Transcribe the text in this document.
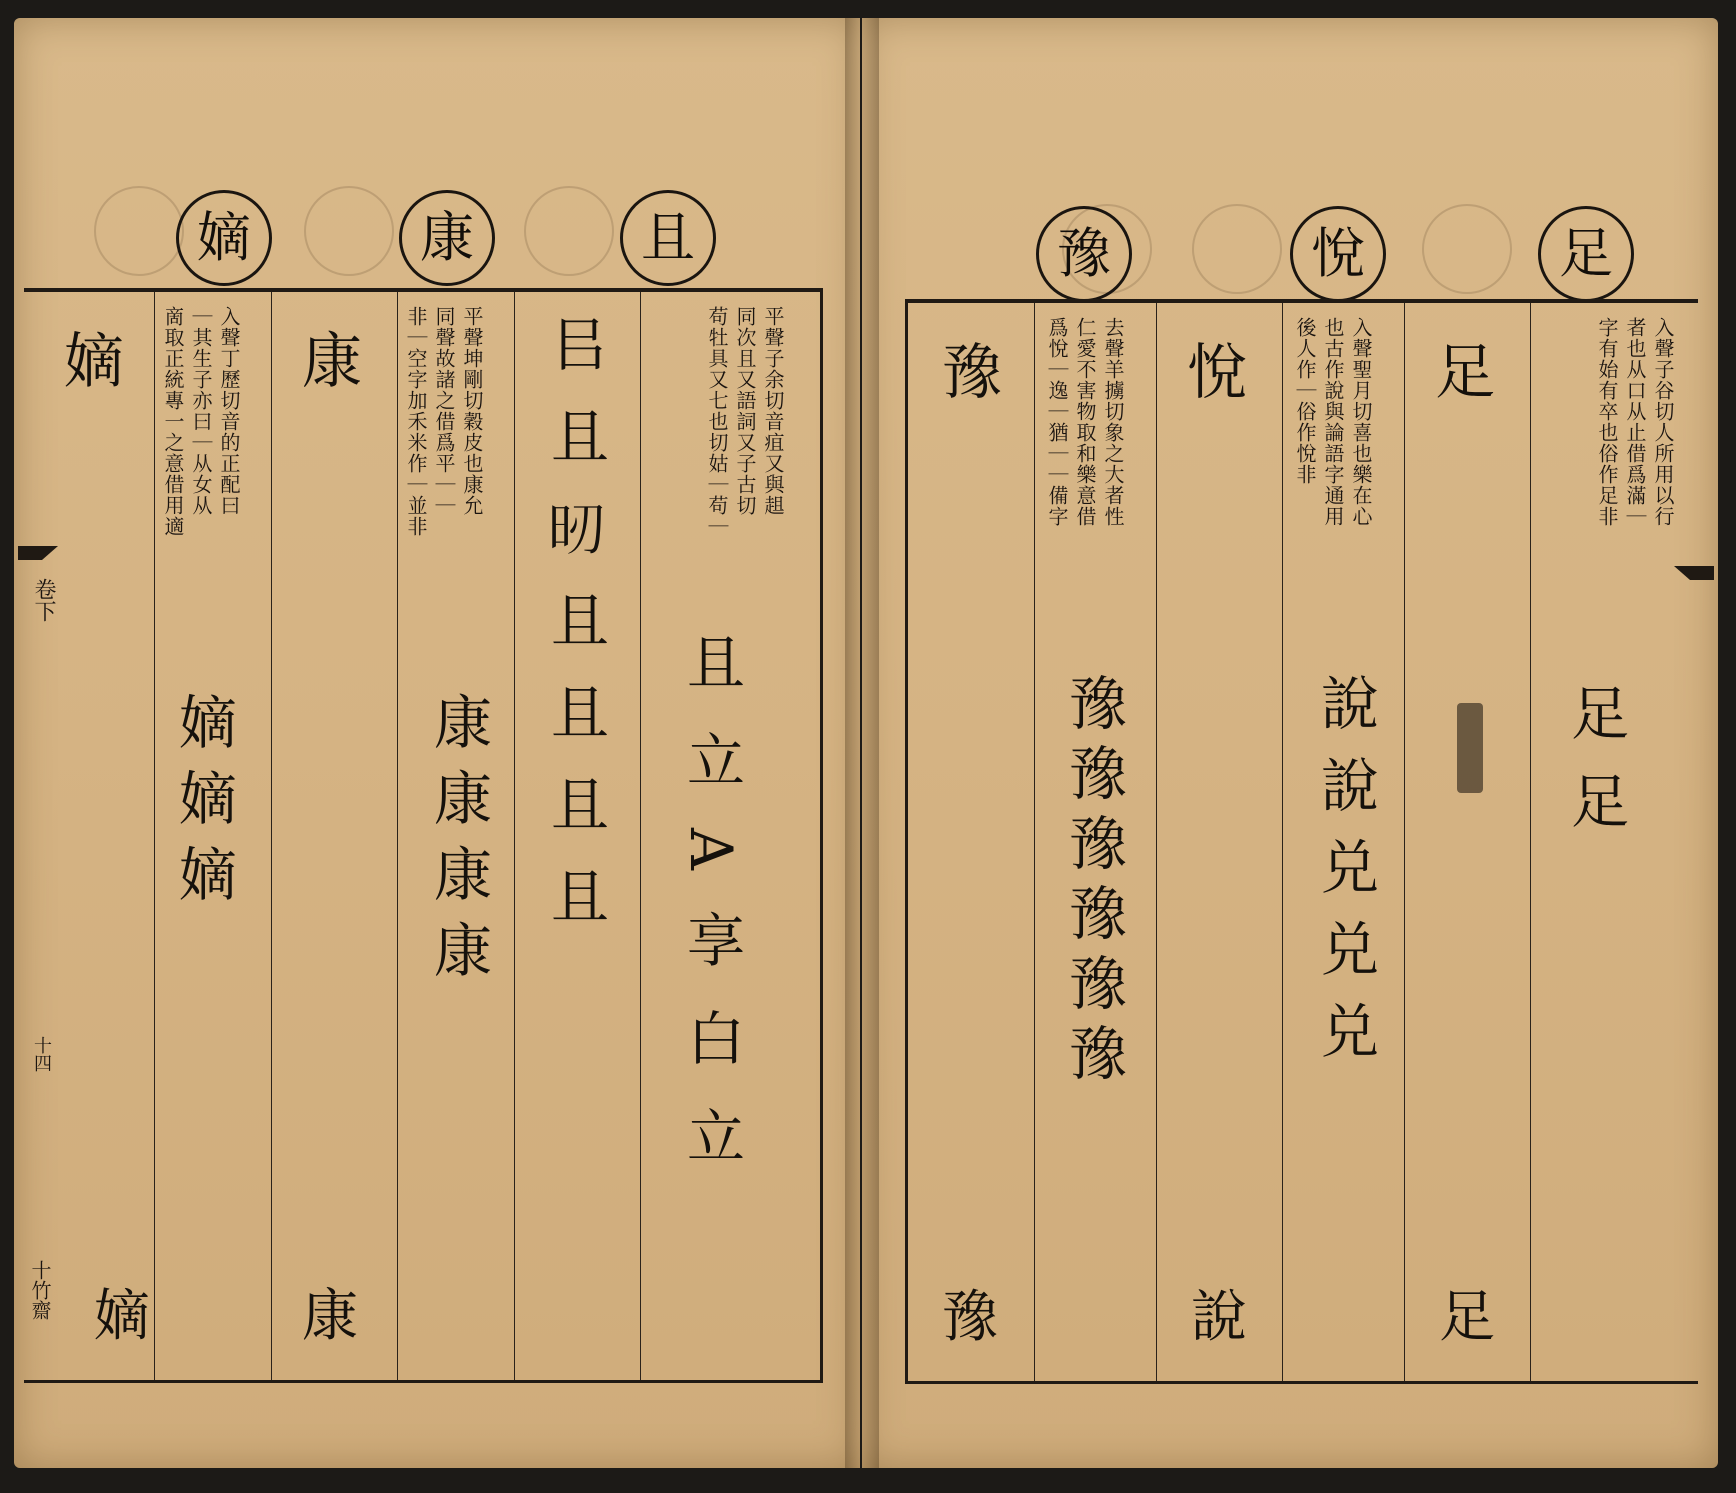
嫡	康	且
卷下
十四
十竹齋
嫡
嫡
入聲丁歷切音的正配曰
｜其生子亦曰｜从女从
啇取正統專一之意借用適
嫡嫡嫡
康
康
平聲坤剛切穀皮也康允
同聲故諸之借爲平｜｜
非｜空字加禾米作｜並非
康康康康 㠯且𣅉且且且且	平聲子余切音疽又與趄
同次且又語詞又子古切
苟牡具又七也切姑｜苟｜
且立A享白立
豫	悅	足
豫
豫
去聲羊擄切象之大者性
仁愛不害物取和樂意借
爲悅｜逸｜猶｜｜備字
豫豫豫豫豫豫
悅
說
入聲聖月切喜也樂在心
也古作說與論語字通用
後人作｜俗作悅非
說說兑兑兑
足
足
入聲子谷切人所用以行
者也从口从止借爲滿｜
字有始有卒也俗作足非
足足
